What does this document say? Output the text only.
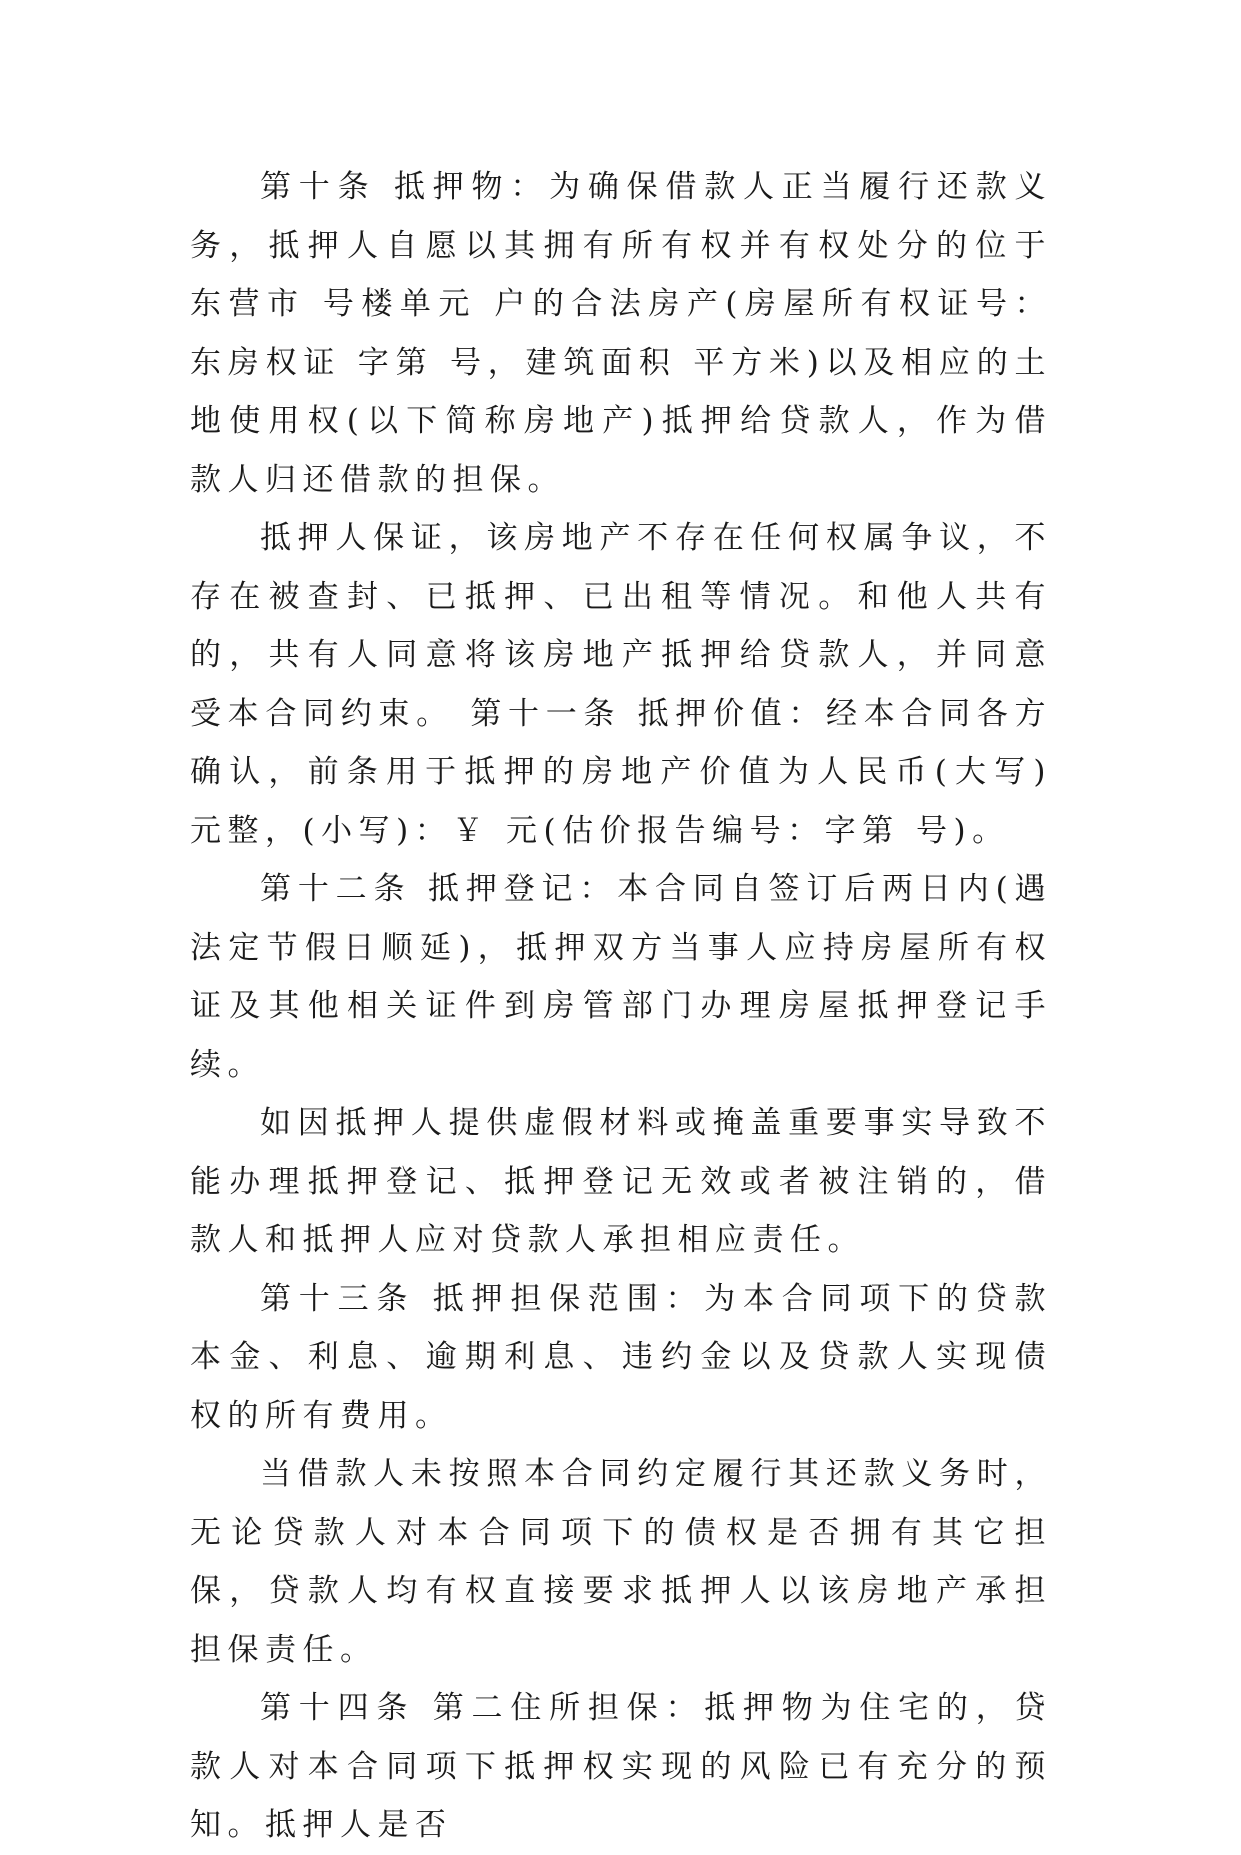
第十条 抵押物：为确保借款人正当履行还款义务，抵押人自愿以其拥有所有权并有权处分的位于东营市 号楼单元 户的合法房产(房屋所有权证号：东房权证 字第 号，建筑面积 平方米)以及相应的土地使用权(以下简称房地产)抵押给贷款人，作为借款人归还借款的担保。

抵押人保证，该房地产不存在任何权属争议，不存在被查封、已抵押、已出租等情况。和他人共有的，共有人同意将该房地产抵押给贷款人，并同意受本合同约束。 第十一条 抵押价值：经本合同各方确认，前条用于抵押的房地产价值为人民币(大写) 元整，(小写)：￥ 元(估价报告编号：字第 号)。

第十二条 抵押登记：本合同自签订后两日内(遇法定节假日顺延)，抵押双方当事人应持房屋所有权证及其他相关证件到房管部门办理房屋抵押登记手续。

如因抵押人提供虚假材料或掩盖重要事实导致不能办理抵押登记、抵押登记无效或者被注销的，借款人和抵押人应对贷款人承担相应责任。

第十三条 抵押担保范围：为本合同项下的贷款本金、利息、逾期利息、违约金以及贷款人实现债权的所有费用。

当借款人未按照本合同约定履行其还款义务时，无论贷款人对本合同项下的债权是否拥有其它担保，贷款人均有权直接要求抵押人以该房地产承担担保责任。

第十四条 第二住所担保：抵押物为住宅的，贷款人对本合同项下抵押权实现的风险已有充分的预知。抵押人是否
